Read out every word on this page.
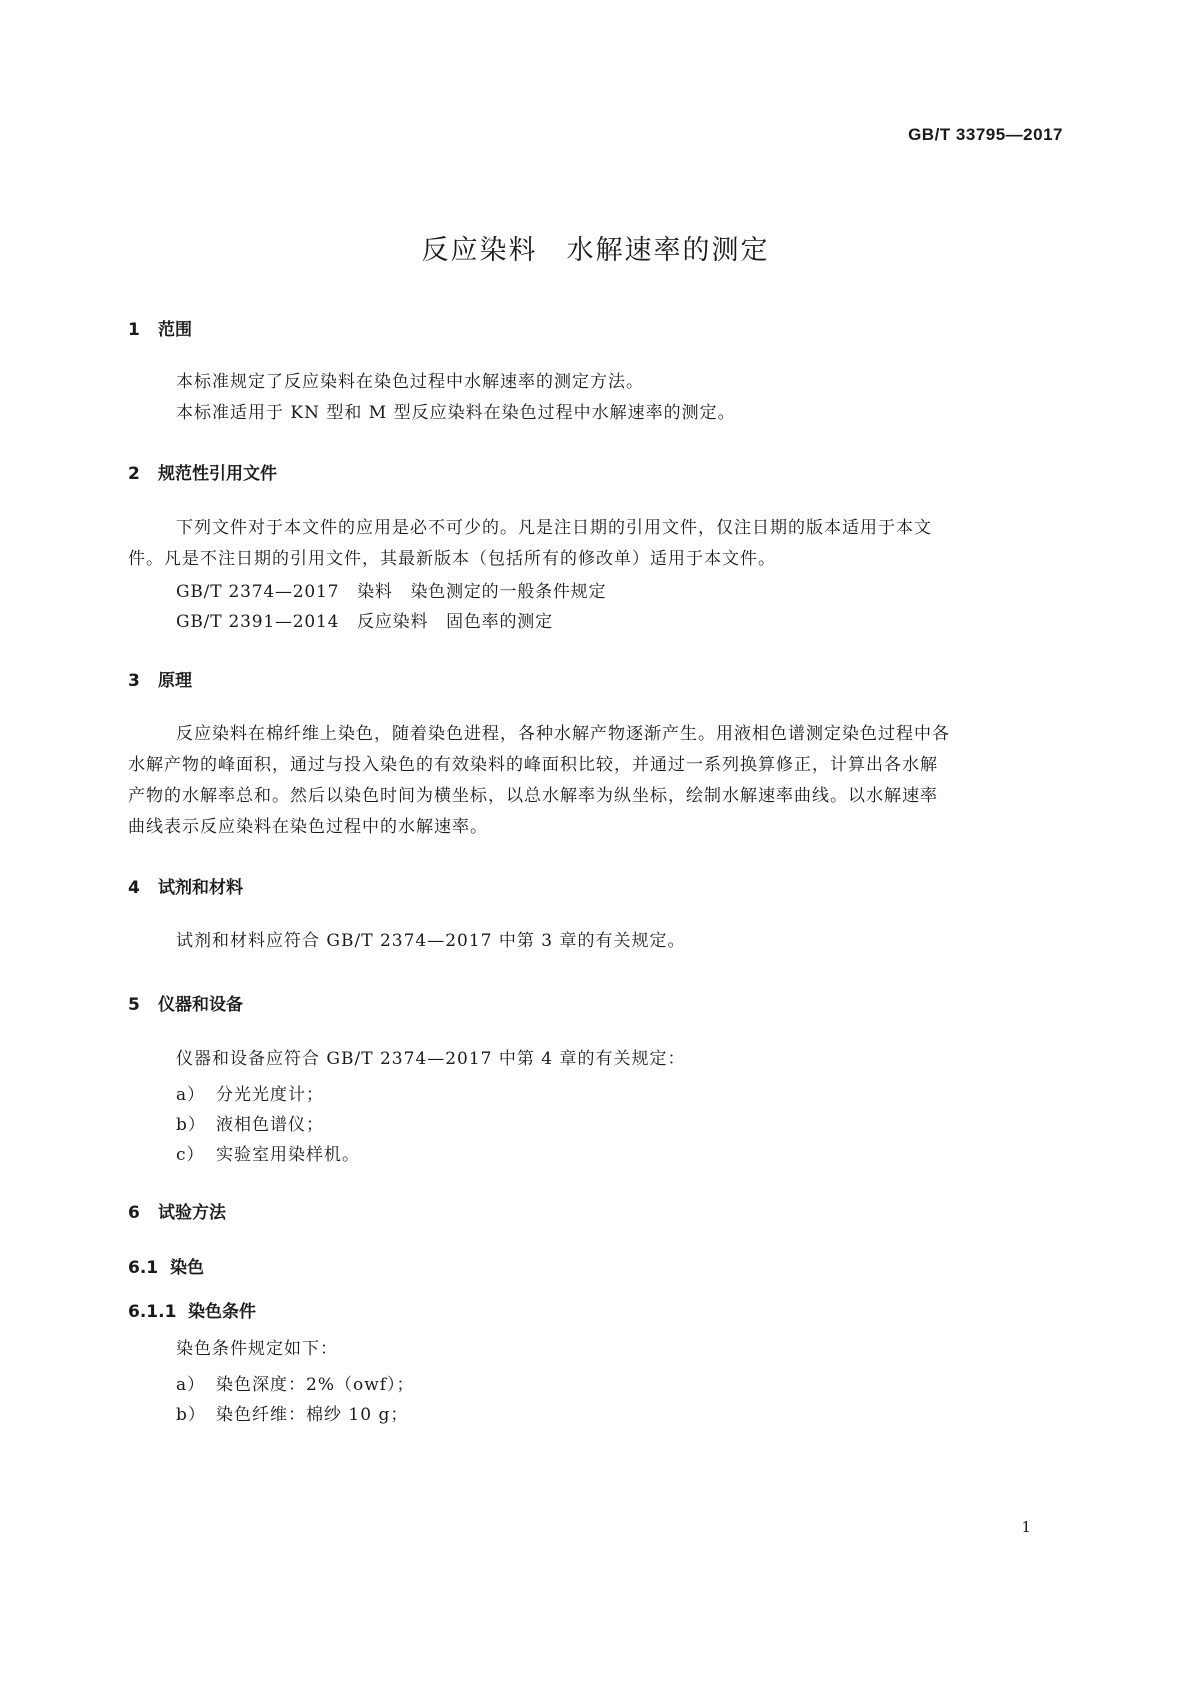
GB/T 33795—2017
反应染料　水解速率的测定
1 范围
本标准规定了反应染料在染色过程中水解速率的测定方法。
本标准适用于 KN 型和 M 型反应染料在染色过程中水解速率的测定。
2 规范性引用文件
下列文件对于本文件的应用是必不可少的。凡是注日期的引用文件，仅注日期的版本适用于本文
件。凡是不注日期的引用文件，其最新版本（包括所有的修改单）适用于本文件。
GB/T 2374—2017　染料　染色测定的一般条件规定
GB/T 2391—2014　反应染料　固色率的测定
3 原理
反应染料在棉纤维上染色，随着染色进程，各种水解产物逐渐产生。用液相色谱测定染色过程中各
水解产物的峰面积，通过与投入染色的有效染料的峰面积比较，并通过一系列换算修正，计算出各水解
产物的水解率总和。然后以染色时间为横坐标，以总水解率为纵坐标，绘制水解速率曲线。以水解速率
曲线表示反应染料在染色过程中的水解速率。
4 试剂和材料
试剂和材料应符合 GB/T 2374—2017 中第 3 章的有关规定。
5 仪器和设备
仪器和设备应符合 GB/T 2374—2017 中第 4 章的有关规定：
a） 分光光度计；
b） 液相色谱仪；
c） 实验室用染样机。
6 试验方法
6.1 染色
6.1.1 染色条件
染色条件规定如下：
a） 染色深度：2%（owf）；
b） 染色纤维：棉纱 10 g；
1
